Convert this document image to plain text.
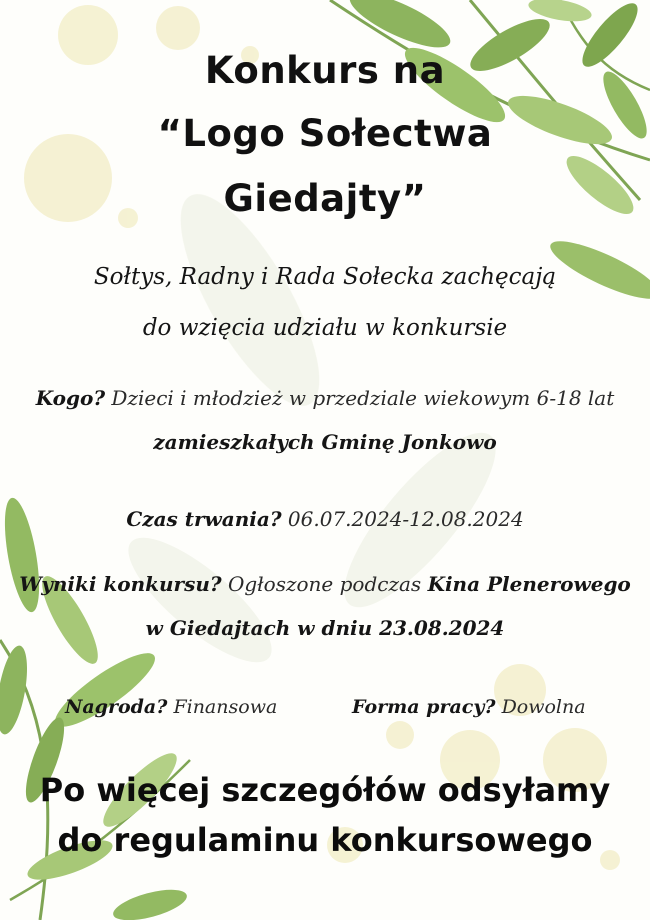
Konkurs na
“Logo Sołectwa
Giedajty”
Sołtys, Radny i Rada Sołecka zachęcają
do wzięcia udziału w konkursie
Kogo? Dzieci i młodzież w przedziale wiekowym 6-18 lat
zamieszkałych Gminę Jonkowo
Czas trwania? 06.07.2024-12.08.2024
Wyniki konkursu? Ogłoszone podczas Kina Plenerowego
w Giedajtach w dniu 23.08.2024
Nagroda? Finansowa	Forma pracy? Dowolna
Po więcej szczegółów odsyłamy
do regulaminu konkursowego
